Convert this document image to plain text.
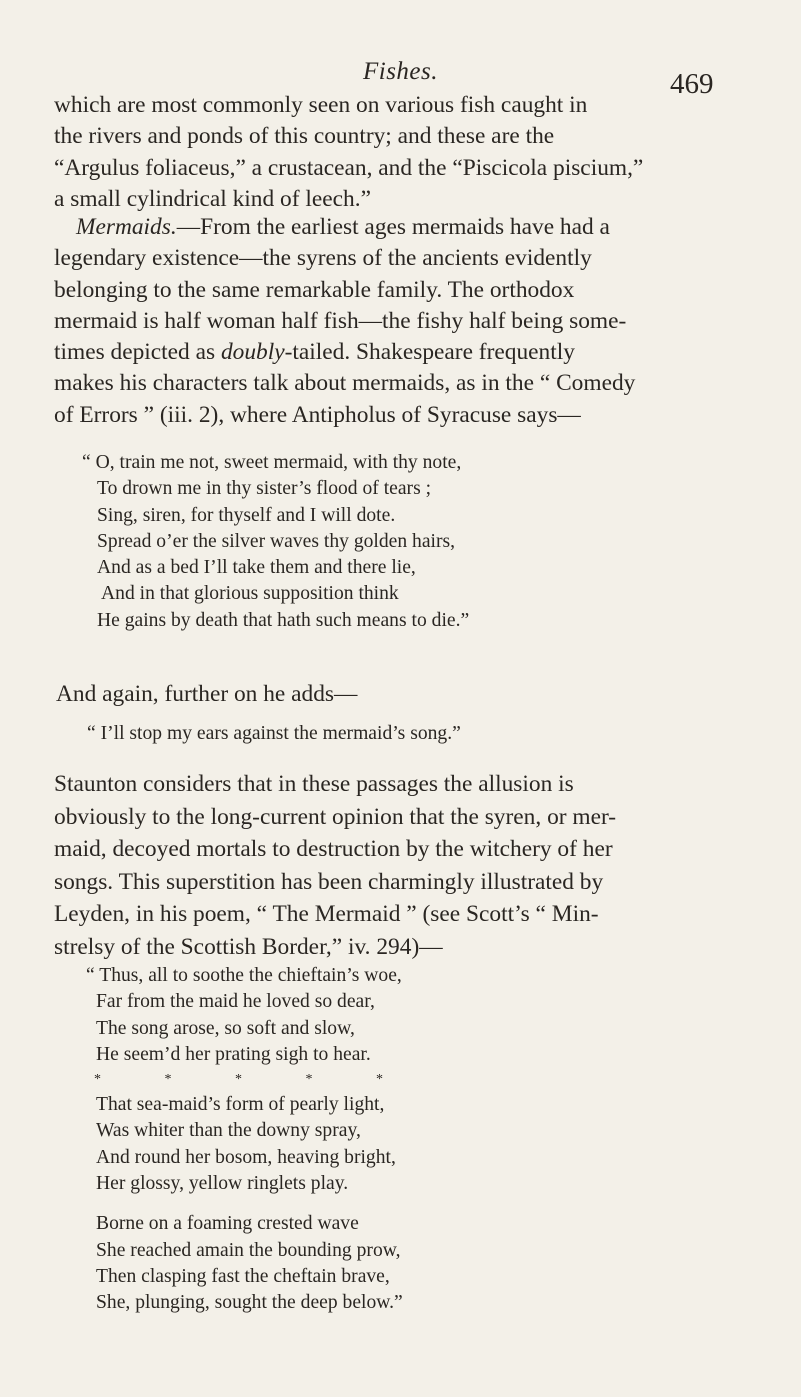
Fishes.	469

which are most commonly seen on various fish caught in

the rivers and ponds of this country; and these are the

“Argulus foliaceus,” a crustacean, and the “Piscicola piscium,”

a small cylindrical kind of leech.”

Mermaids.—From the earliest ages mermaids have had a

legendary existence—the syrens of the ancients evidently

belonging to the same remarkable family. The orthodox

mermaid is half woman half fish—the fishy half being some-

times depicted as doubly-tailed. Shakespeare frequently

makes his characters talk about mermaids, as in the “ Comedy

of Errors ” (iii. 2), where Antipholus of Syracuse says—

“ O, train me not, sweet mermaid, with thy note,
To drown me in thy sister’s flood of tears ;
Sing, siren, for thyself and I will dote.
Spread o’er the silver waves thy golden hairs,
And as a bed I’ll take them and there lie,
And in that glorious supposition think
He gains by death that hath such means to die.”
And again, further on he adds—
“ I’ll stop my ears against the mermaid’s song.”

Staunton considers that in these passages the allusion is

obviously to the long-current opinion that the syren, or mer-

maid, decoyed mortals to destruction by the witchery of her

songs. This superstition has been charmingly illustrated by

Leyden, in his poem, “ The Mermaid ” (see Scott’s “ Min-

strelsy of the Scottish Border,” iv. 294)—

“ Thus, all to soothe the chieftain’s woe,
Far from the maid he loved so dear,
The song arose, so soft and slow,
He seem’d her prating sigh to hear.
* * * * *
That sea-maid’s form of pearly light,
Was whiter than the downy spray,
And round her bosom, heaving bright,
Her glossy, yellow ringlets play.
Borne on a foaming crested wave
She reached amain the bounding prow,
Then clasping fast the cheftain brave,
She, plunging, sought the deep below.”
